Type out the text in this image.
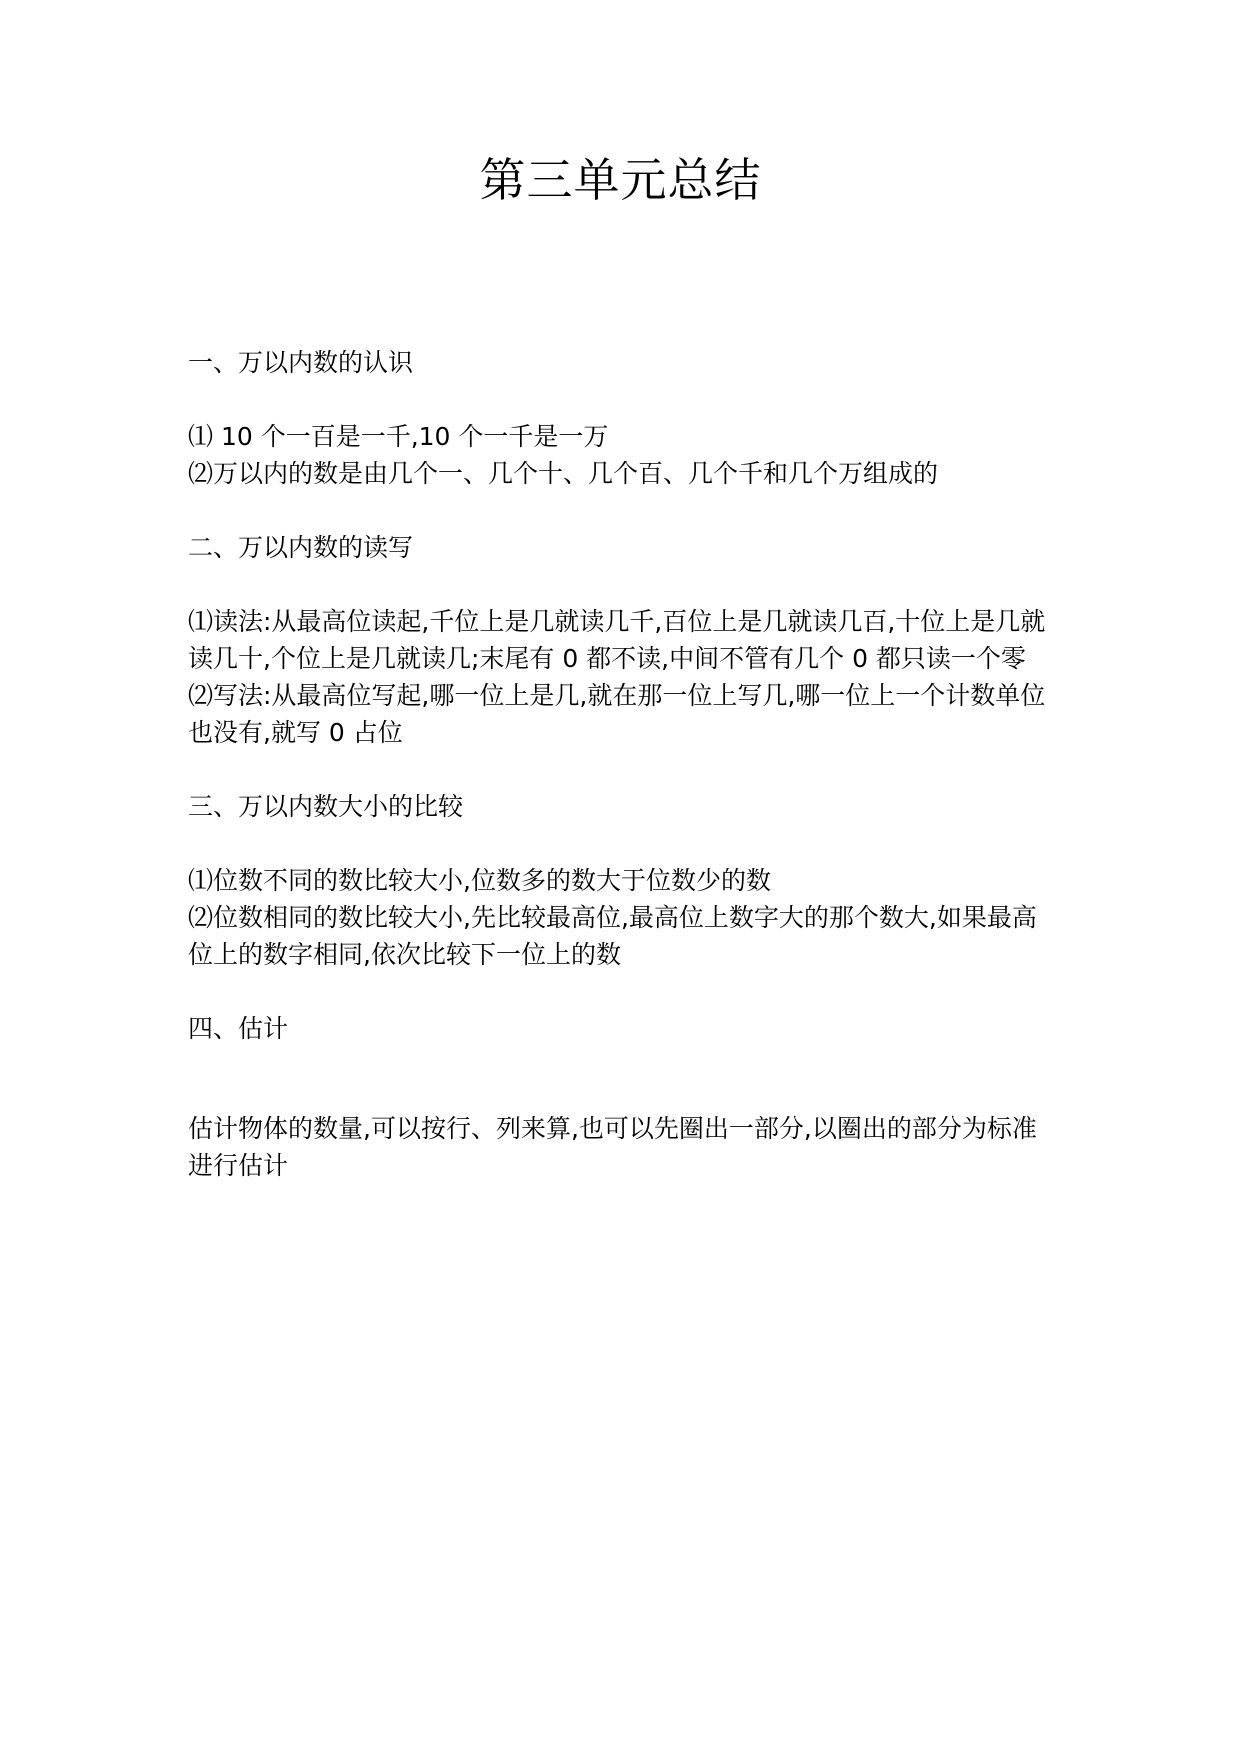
第三单元总结
一、万以内数的认识

⑴ 10 个一百是一千,10 个一千是一万

⑵万以内的数是由几个一、几个十、几个百、几个千和几个万组成的

二、万以内数的读写

⑴读法:从最高位读起,千位上是几就读几千,百位上是几就读几百,十位上是几就读几十,个位上是几就读几;末尾有 0 都不读,中间不管有几个 0 都只读一个零

⑵写法:从最高位写起,哪一位上是几,就在那一位上写几,哪一位上一个计数单位也没有,就写 0 占位

三、万以内数大小的比较

⑴位数不同的数比较大小,位数多的数大于位数少的数

⑵位数相同的数比较大小,先比较最高位,最高位上数字大的那个数大,如果最高位上的数字相同,依次比较下一位上的数

四、估计

估计物体的数量,可以按行、列来算,也可以先圈出一部分,以圈出的部分为标准进行估计
